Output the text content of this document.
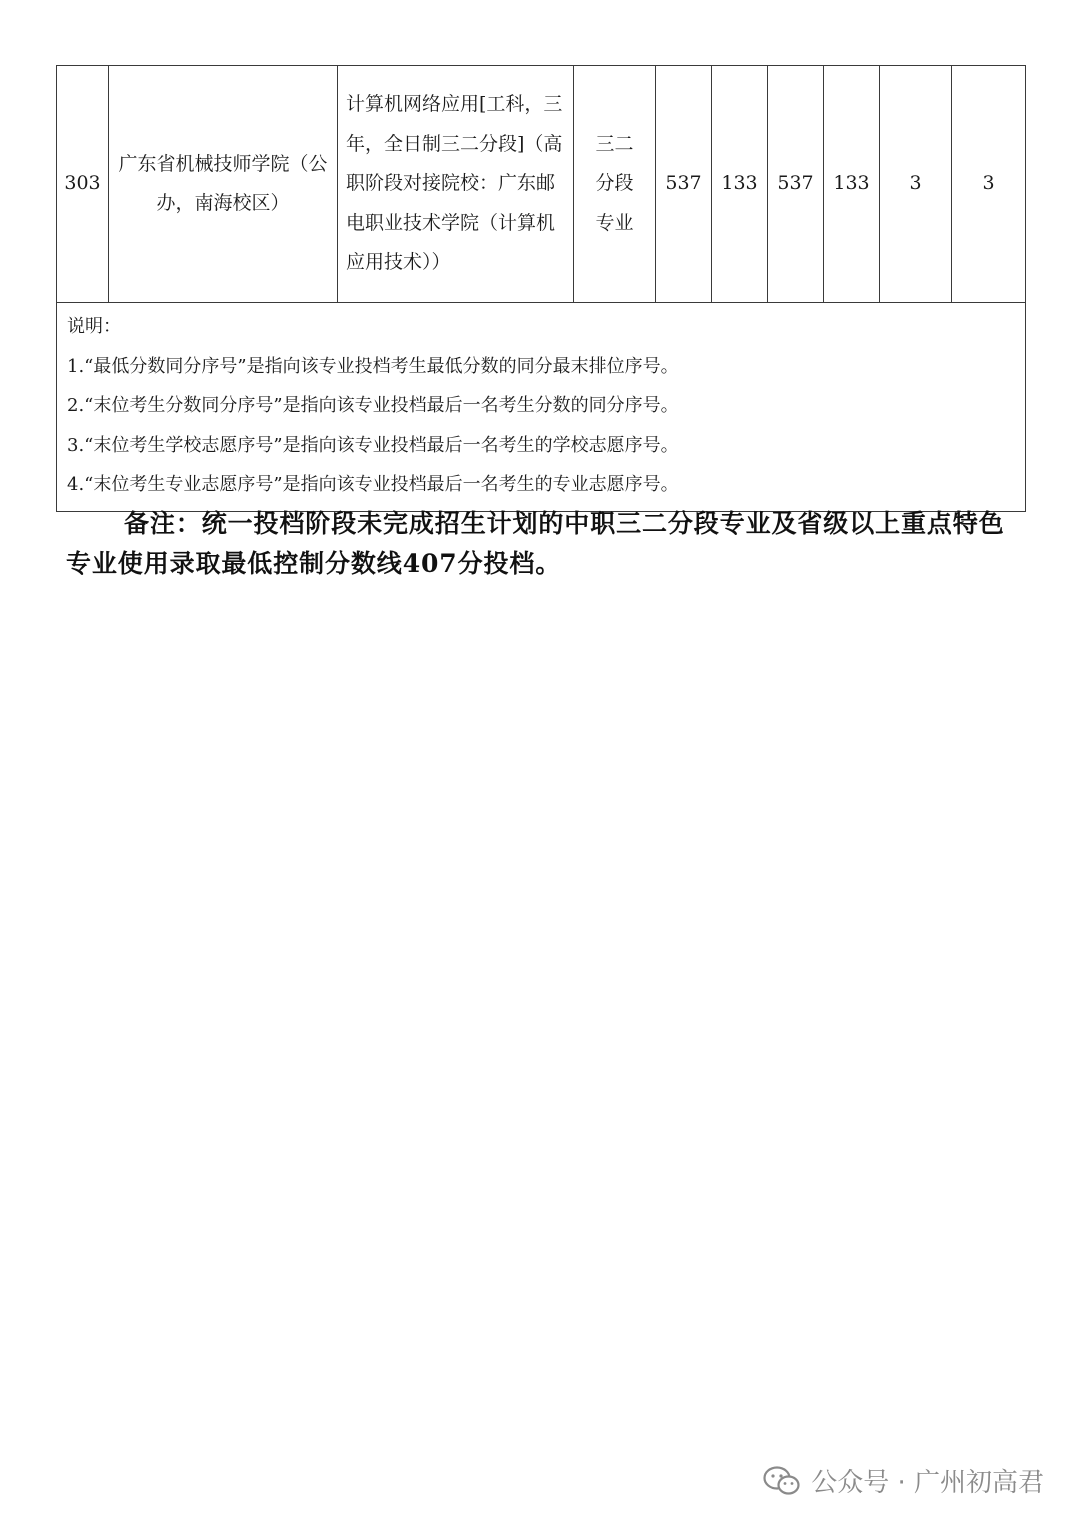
303	广东省机械技师学院（公办，南海校区）	计算机网络应用[工科，三年，全日制三二分段]（高职阶段对接院校：广东邮电职业技术学院（计算机应用技术））	三二分段专业	537	133	537	133	3	3

说明：
1.“最低分数同分序号”是指向该专业投档考生最低分数的同分最末排位序号。
2.“末位考生分数同分序号”是指向该专业投档最后一名考生分数的同分序号。
3.“末位考生学校志愿序号”是指向该专业投档最后一名考生的学校志愿序号。
4.“末位考生专业志愿序号”是指向该专业投档最后一名考生的专业志愿序号。
备注：统一投档阶段未完成招生计划的中职三二分段专业及省级以上重点特色专业使用录取最低控制分数线407分投档。
公众号 · 广州初高君
